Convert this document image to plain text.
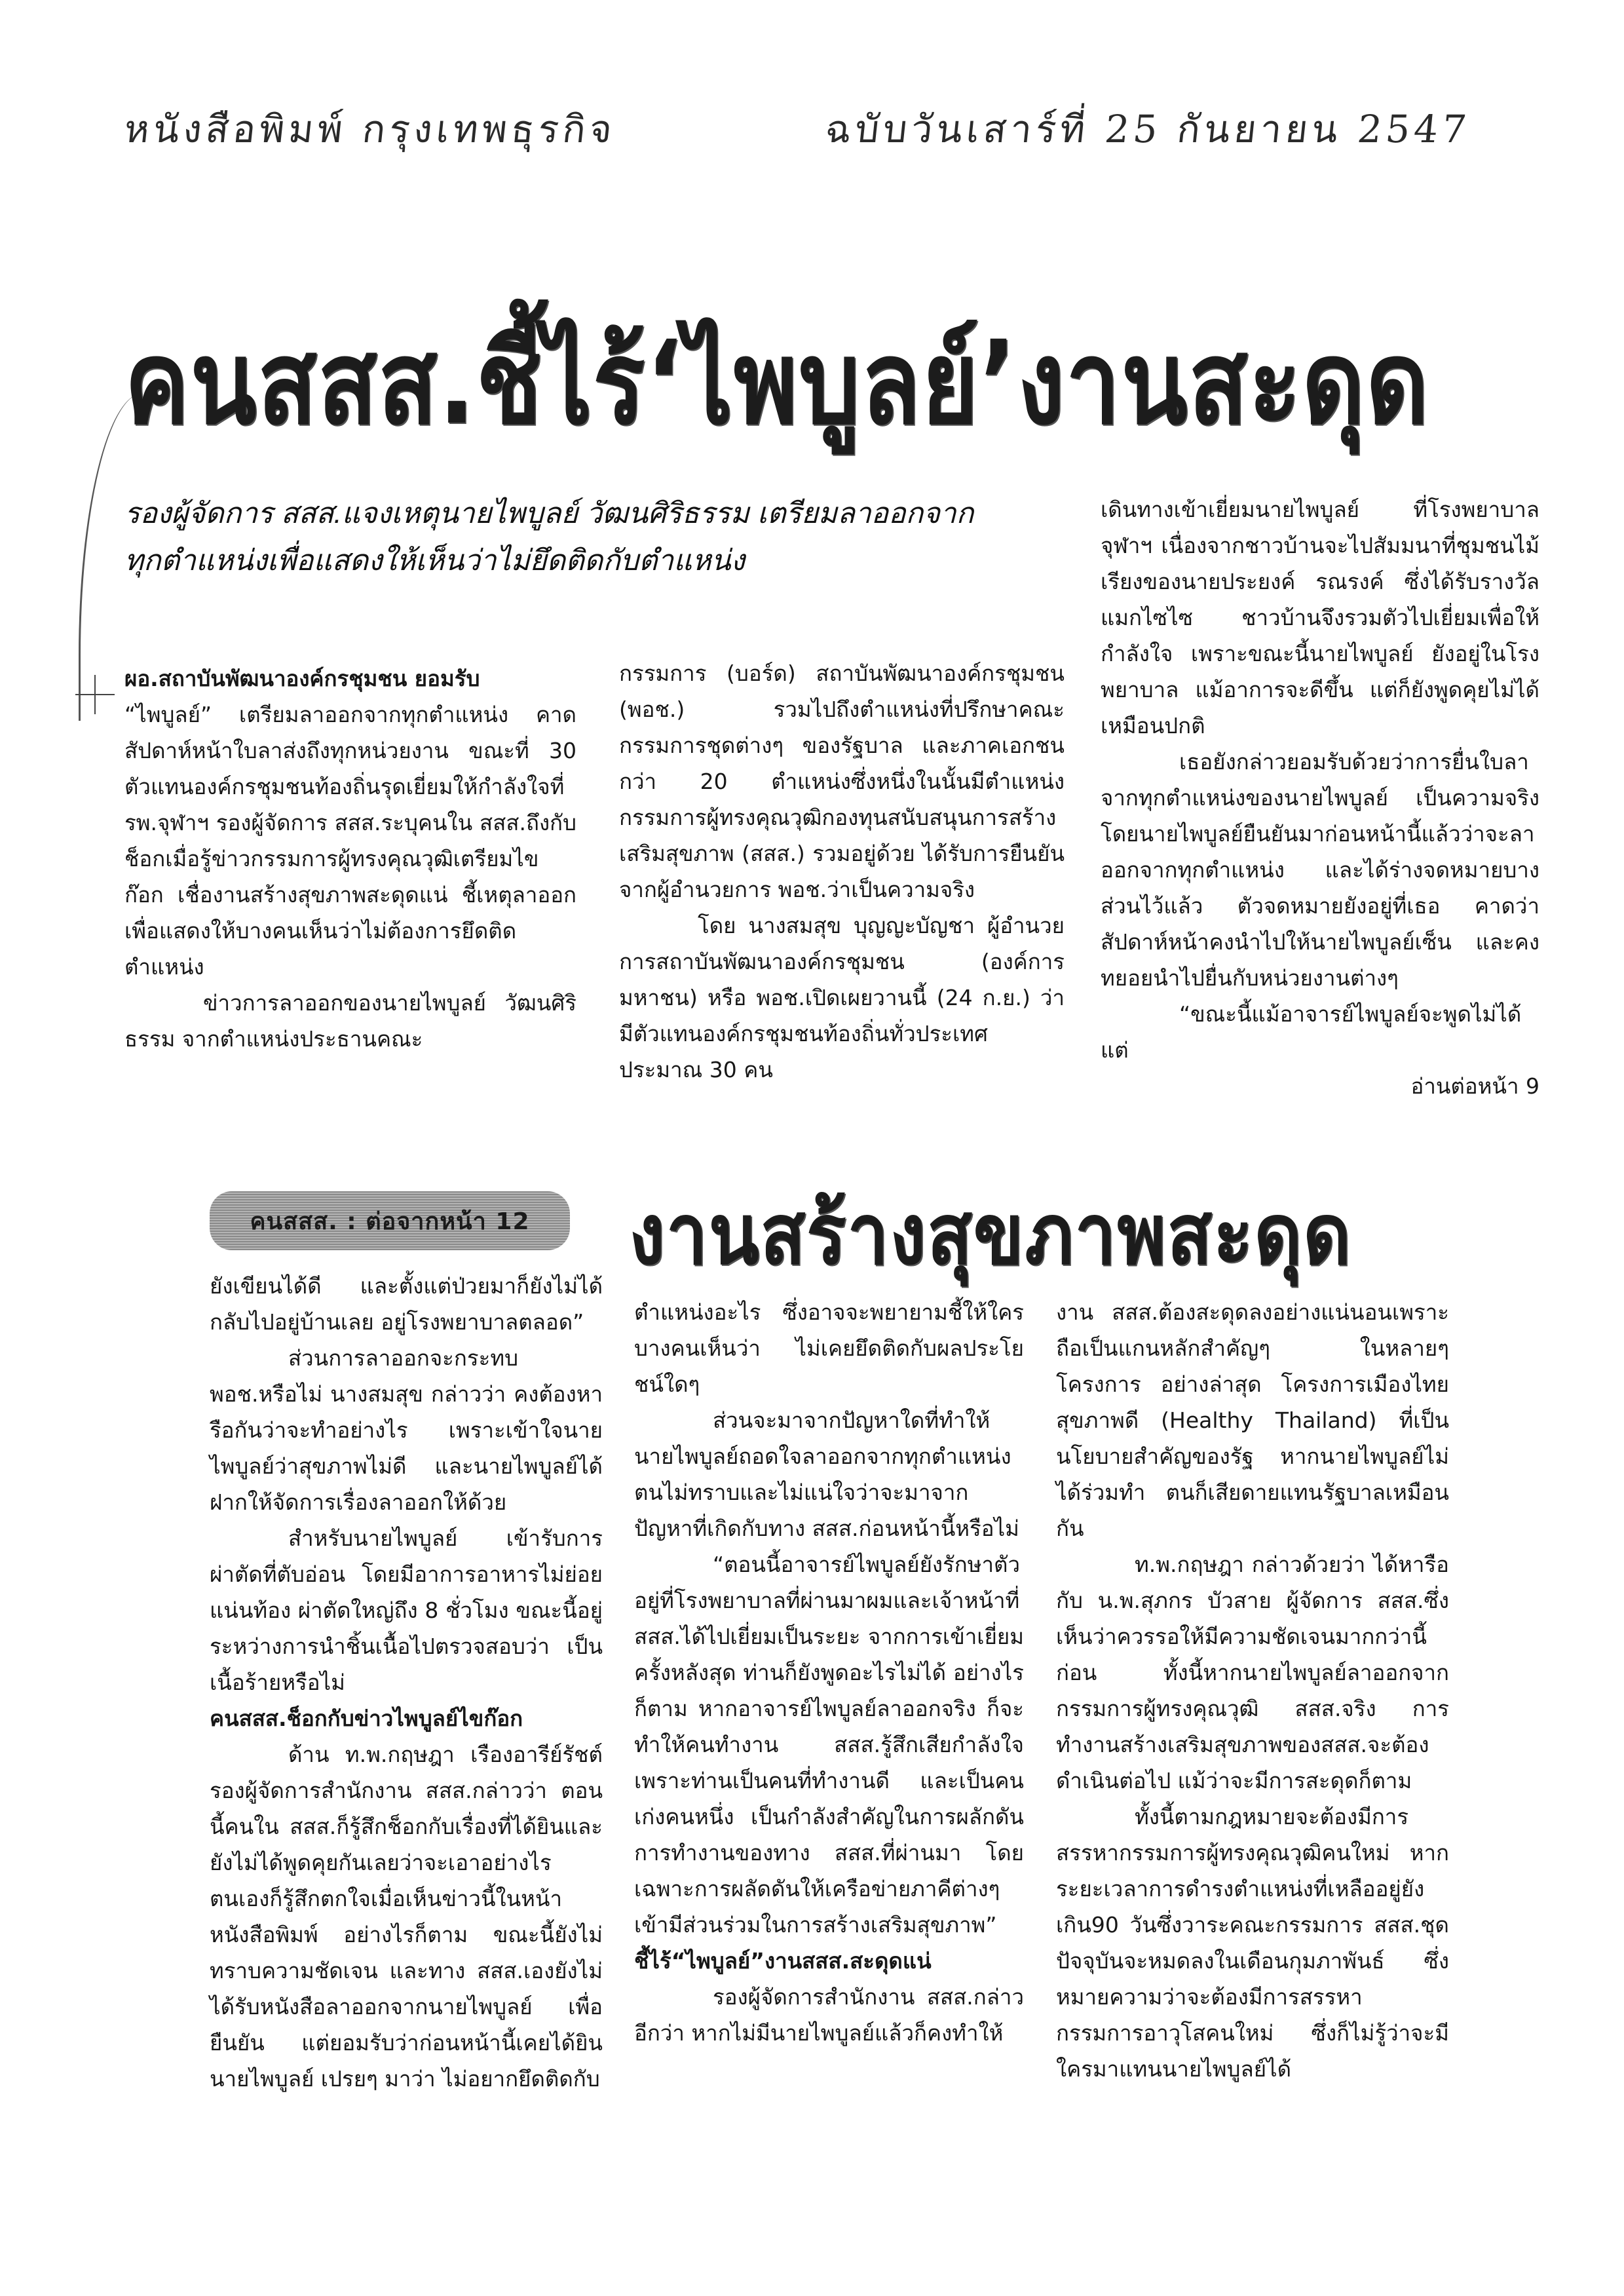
หนังสือพิมพ์ กรุงเทพธุรกิจ	ฉบับวันเสาร์ที่ 25 กันยายน 2547
คนสสส.ชี้ไร้‘ไพบูลย์’งานสะดุด
รองผู้จัดการ สสส.แจงเหตุนายไพบูลย์ วัฒนศิริธรรม เตรียมลาออกจาก
ทุกตำแหน่งเพื่อแสดงให้เห็นว่าไม่ยึดติดกับตำแหน่ง

ผอ.สถาบันพัฒนาองค์กรชุมชน ยอมรับ

“ไพบูลย์” เตรียมลาออกจากทุกตำแหน่ง คาดสัปดาห์หน้าใบลาส่งถึงทุกหน่วยงาน ขณะที่ 30 ตัวแทนองค์กรชุมชนท้องถิ่นรุดเยี่ยมให้กำลังใจที่ รพ.จุฬาฯ รองผู้จัดการ สสส.ระบุคนใน สสส.ถึงกับช็อกเมื่อรู้ข่าวกรรมการผู้ทรงคุณวุฒิเตรียมไขก๊อก เชื่องานสร้างสุขภาพสะดุดแน่ ชี้เหตุลาออกเพื่อแสดงให้บางคนเห็นว่าไม่ต้องการยึดติดตำแหน่ง

ข่าวการลาออกของนายไพบูลย์ วัฒนศิริธรรม จากตำแหน่งประธานคณะ

กรรมการ (บอร์ด) สถาบันพัฒนาองค์กรชุมชน (พอช.) รวมไปถึงตำแหน่งที่ปรึกษาคณะกรรมการชุดต่างๆ ของรัฐบาล และภาคเอกชนกว่า 20 ตำแหน่งซึ่งหนึ่งในนั้นมีตำแหน่งกรรมการผู้ทรงคุณวุฒิกองทุนสนับสนุนการสร้างเสริมสุขภาพ (สสส.) รวมอยู่ด้วย ได้รับการยืนยันจากผู้อำนวยการ พอช.ว่าเป็นความจริง

โดย นางสมสุข บุญญะบัญชา ผู้อำนวยการสถาบันพัฒนาองค์กรชุมชน (องค์การมหาชน) หรือ พอช.เปิดเผยวานนี้ (24 ก.ย.) ว่า มีตัวแทนองค์กรชุมชนท้องถิ่นทั่วประเทศ ประมาณ 30 คน

เดินทางเข้าเยี่ยมนายไพบูลย์ ที่โรงพยาบาลจุฬาฯ เนื่องจากชาวบ้านจะไปสัมมนาที่ชุมชนไม้เรียงของนายประยงค์ รณรงค์ ซึ่งได้รับรางวัลแมกไซไซ ชาวบ้านจึงรวมตัวไปเยี่ยมเพื่อให้กำลังใจ เพราะขณะนี้นายไพบูลย์ ยังอยู่ในโรงพยาบาล แม้อาการจะดีขึ้น แต่ก็ยังพูดคุยไม่ได้เหมือนปกติ

เธอยังกล่าวยอมรับด้วยว่าการยื่นใบลาจากทุกตำแหน่งของนายไพบูลย์ เป็นความจริง โดยนายไพบูลย์ยืนยันมาก่อนหน้านี้แล้วว่าจะลาออกจากทุกตำแหน่ง และได้ร่างจดหมายบางส่วนไว้แล้ว ตัวจดหมายยังอยู่ที่เธอ คาดว่าสัปดาห์หน้าคงนำไปให้นายไพบูลย์เซ็น และคงทยอยนำไปยื่นกับหน่วยงานต่างๆ

“ขณะนี้แม้อาจารย์ไพบูลย์จะพูดไม่ได้ แต่

อ่านต่อหน้า 9

คนสสส. : ต่อจากหน้า 12	งานสร้างสุขภาพสะดุด

ยังเขียนได้ดี และตั้งแต่ป่วยมาก็ยังไม่ได้กลับไปอยู่บ้านเลย อยู่โรงพยาบาลตลอด”

ส่วนการลาออกจะกระทบ พอช.หรือไม่ นางสมสุข กล่าวว่า คงต้องหารือกันว่าจะทำอย่างไร เพราะเข้าใจนายไพบูลย์ว่าสุขภาพไม่ดี และนายไพบูลย์ได้ฝากให้จัดการเรื่องลาออกให้ด้วย

สำหรับนายไพบูลย์ เข้ารับการผ่าตัดที่ตับอ่อน โดยมีอาการอาหารไม่ย่อย แน่นท้อง ผ่าตัดใหญ่ถึง 8 ชั่วโมง ขณะนี้อยู่ระหว่างการนำชิ้นเนื้อไปตรวจสอบว่า เป็นเนื้อร้ายหรือไม่

คนสสส.ช็อกกับข่าวไพบูลย์ไขก๊อก

ด้าน ท.พ.กฤษฎา เรืองอารีย์รัชต์ รองผู้จัดการสำนักงาน สสส.กล่าวว่า ตอนนี้คนใน สสส.ก็รู้สึกช็อกกับเรื่องที่ได้ยินและยังไม่ได้พูดคุยกันเลยว่าจะเอาอย่างไร ตนเองก็รู้สึกตกใจเมื่อเห็นข่าวนี้ในหน้าหนังสือพิมพ์ อย่างไรก็ตาม ขณะนี้ยังไม่ทราบความชัดเจน และทาง สสส.เองยังไม่ได้รับหนังสือลาออกจากนายไพบูลย์ เพื่อยืนยัน แต่ยอมรับว่าก่อนหน้านี้เคยได้ยินนายไพบูลย์ เปรยๆ มาว่า ไม่อยากยึดติดกับ

ตำแหน่งอะไร ซึ่งอาจจะพยายามชี้ให้ใครบางคนเห็นว่า ไม่เคยยึดติดกับผลประโยชน์ใดๆ

ส่วนจะมาจากปัญหาใดที่ทำให้นายไพบูลย์ถอดใจลาออกจากทุกตำแหน่ง ตนไม่ทราบและไม่แน่ใจว่าจะมาจากปัญหาที่เกิดกับทาง สสส.ก่อนหน้านี้หรือไม่

“ตอนนี้อาจารย์ไพบูลย์ยังรักษาตัวอยู่ที่โรงพยาบาลที่ผ่านมาผมและเจ้าหน้าที่ สสส.ได้ไปเยี่ยมเป็นระยะ จากการเข้าเยี่ยมครั้งหลังสุด ท่านก็ยังพูดอะไรไม่ได้ อย่างไรก็ตาม หากอาจารย์ไพบูลย์ลาออกจริง ก็จะทำให้คนทำงาน สสส.รู้สึกเสียกำลังใจ เพราะท่านเป็นคนที่ทำงานดี และเป็นคนเก่งคนหนึ่ง เป็นกำลังสำคัญในการผลักดันการทำงานของทาง สสส.ที่ผ่านมา โดยเฉพาะการผลัดดันให้เครือข่ายภาคีต่างๆ เข้ามีส่วนร่วมในการสร้างเสริมสุขภาพ”

ชี้ไร้“ไพบูลย์”งานสสส.สะดุดแน่

รองผู้จัดการสำนักงาน สสส.กล่าวอีกว่า หากไม่มีนายไพบูลย์แล้วก็คงทำให้

งาน สสส.ต้องสะดุดลงอย่างแน่นอนเพราะถือเป็นแกนหลักสำคัญๆ ในหลายๆ โครงการ อย่างล่าสุด โครงการเมืองไทยสุขภาพดี (Healthy Thailand) ที่เป็นนโยบายสำคัญของรัฐ หากนายไพบูลย์ไม่ได้ร่วมทำ ตนก็เสียดายแทนรัฐบาลเหมือนกัน

ท.พ.กฤษฎา กล่าวด้วยว่า ได้หารือกับ น.พ.สุภกร บัวสาย ผู้จัดการ สสส.ซึ่งเห็นว่าควรรอให้มีความชัดเจนมากกว่านี้ก่อน ทั้งนี้หากนายไพบูลย์ลาออกจากกรรมการผู้ทรงคุณวุฒิ สสส.จริง การทำงานสร้างเสริมสุขภาพของสสส.จะต้องดำเนินต่อไป แม้ว่าจะมีการสะดุดก็ตาม

ทั้งนี้ตามกฎหมายจะต้องมีการสรรหากรรมการผู้ทรงคุณวุฒิคนใหม่ หากระยะเวลาการดำรงตำแหน่งที่เหลืออยู่ยังเกิน90 วันซึ่งวาระคณะกรรมการ สสส.ชุดปัจจุบันจะหมดลงในเดือนกุมภาพันธ์ ซึ่งหมายความว่าจะต้องมีการสรรหากรรมการอาวุโสคนใหม่ ซึ่งก็ไม่รู้ว่าจะมีใครมาแทนนายไพบูลย์ได้
